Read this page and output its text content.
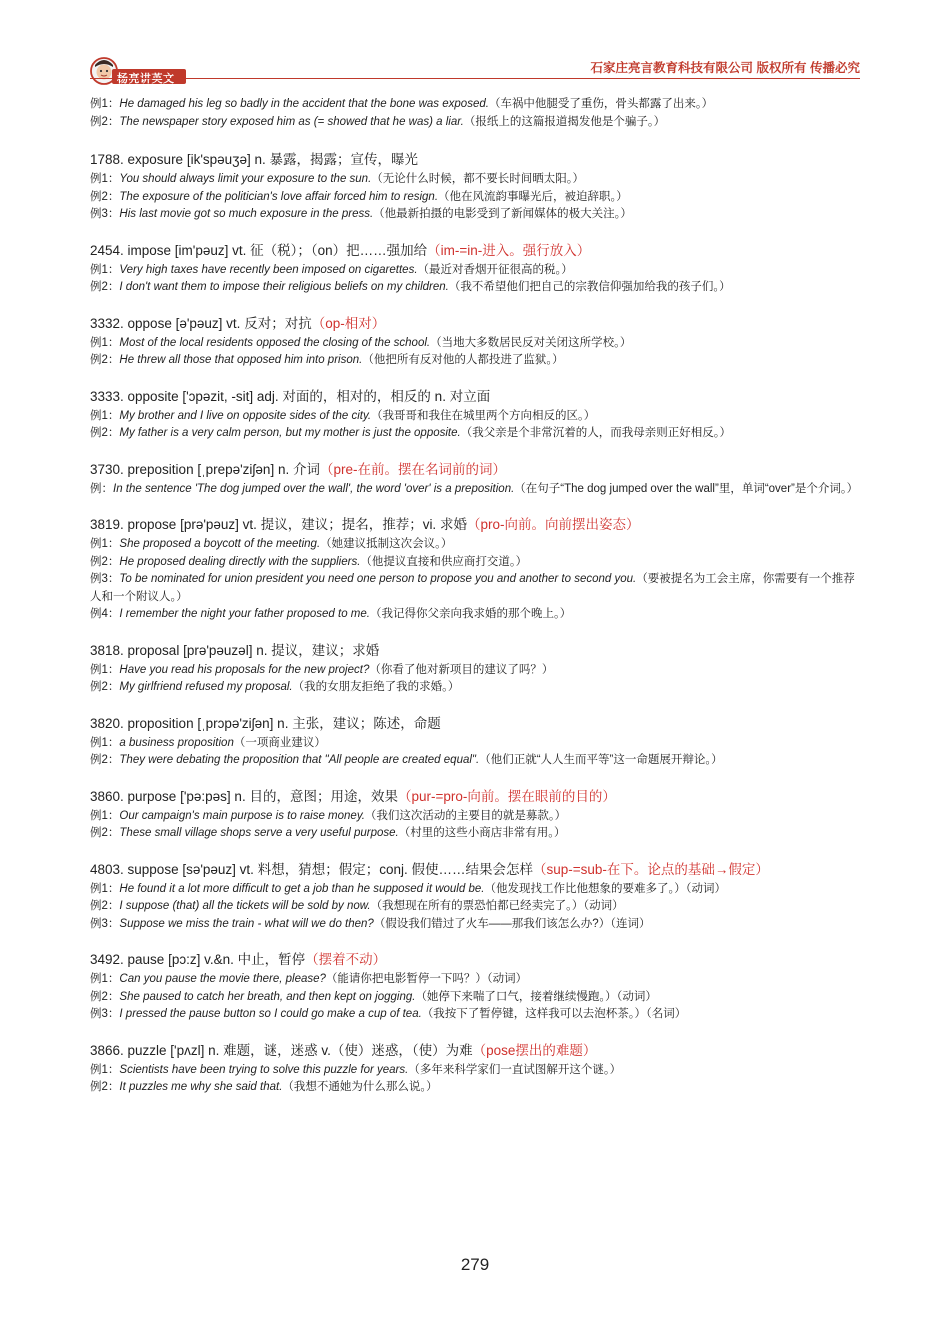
杨亮讲英文
石家庄亮言教育科技有限公司 版权所有 传播必究
例1：He damaged his leg so badly in the accident that the bone was exposed.（车祸中他腿受了重伤，骨头都露了出来。）
例2：The newspaper story exposed him as (= showed that he was) a liar.（报纸上的这篇报道揭发他是个骗子。）
1788. exposure [ik'spəuʒə] n. 暴露，揭露；宣传，曝光
例1：You should always limit your exposure to the sun.（无论什么时候，都不要长时间晒太阳。）
例2：The exposure of the politician's love affair forced him to resign.（他在风流韵事曝光后，被迫辞职。）
例3：His last movie got so much exposure in the press.（他最新拍摄的电影受到了新闻媒体的极大关注。）
2454. impose [im'pəuz] vt. 征（税）；（on）把……强加给（im-=in-进入。强行放入）
例1：Very high taxes have recently been imposed on cigarettes.（最近对香烟开征很高的税。）
例2：I don't want them to impose their religious beliefs on my children.（我不希望他们把自己的宗教信仰强加给我的孩子们。）
3332. oppose [ə'pəuz] vt. 反对；对抗（op-相对）
例1：Most of the local residents opposed the closing of the school.（当地大多数居民反对关闭这所学校。）
例2：He threw all those that opposed him into prison.（他把所有反对他的人都投进了监狱。）
3333. opposite ['ɔpəzit, -sit] adj. 对面的，相对的，相反的 n. 对立面
例1：My brother and I live on opposite sides of the city.（我哥哥和我住在城里两个方向相反的区。）
例2：My father is a very calm person, but my mother is just the opposite.（我父亲是个非常沉着的人，而我母亲则正好相反。）
3730. preposition [ˌprepə'ziʃən] n. 介词（pre-在前。摆在名词前的词）
例：In the sentence 'The dog jumped over the wall', the word 'over' is a preposition.（在句子“The dog jumped over the wall”里，单词“over”是个介词。）
3819. propose [prə'pəuz] vt. 提议，建议；提名，推荐；vi. 求婚（pro-向前。向前摆出姿态）
例1：She proposed a boycott of the meeting.（她建议抵制这次会议。）
例2：He proposed dealing directly with the suppliers.（他提议直接和供应商打交道。）
例3：To be nominated for union president you need one person to propose you and another to second you.（要被提名为工会主席，你需要有一个推荐人和一个附议人。）
例4：I remember the night your father proposed to me.（我记得你父亲向我求婚的那个晚上。）
3818. proposal [prə'pəuzəl] n. 提议，建议；求婚
例1：Have you read his proposals for the new project?（你看了他对新项目的建议了吗？）
例2：My girlfriend refused my proposal.（我的女朋友拒绝了我的求婚。）
3820. proposition [ˌprɔpə'ziʃən] n. 主张，建议；陈述，命题
例1：a business proposition（一项商业建议）
例2：They were debating the proposition that "All people are created equal".（他们正就“人人生而平等”这一命题展开辩论。）
3860. purpose ['pə:pəs] n. 目的，意图；用途，效果（pur-=pro-向前。摆在眼前的目的）
例1：Our campaign's main purpose is to raise money.（我们这次活动的主要目的就是募款。）
例2：These small village shops serve a very useful purpose.（村里的这些小商店非常有用。）
4803. suppose [sə'pəuz] vt. 料想，猜想；假定；conj. 假使……结果会怎样（sup-=sub-在下。论点的基础→假定）
例1：He found it a lot more difficult to get a job than he supposed it would be.（他发现找工作比他想象的要难多了。）（动词）
例2：I suppose (that) all the tickets will be sold by now.（我想现在所有的票恐怕都已经卖完了。）（动词）
例3：Suppose we miss the train - what will we do then?（假设我们错过了火车——那我们该怎么办?）（连词）
3492. pause [pɔ:z] v.&n. 中止，暂停（摆着不动）
例1：Can you pause the movie there, please?（能请你把电影暂停一下吗？）（动词）
例2：She paused to catch her breath, and then kept on jogging.（她停下来喘了口气，接着继续慢跑。）（动词）
例3：I pressed the pause button so I could go make a cup of tea.（我按下了暂停键，这样我可以去泡杯茶。）（名词）
3866. puzzle ['pʌzl] n. 难题，谜，迷惑 v.（使）迷惑，（使）为难（pose摆出的难题）
例1：Scientists have been trying to solve this puzzle for years.（多年来科学家们一直试图解开这个谜。）
例2：It puzzles me why she said that.（我想不通她为什么那么说。）
279
